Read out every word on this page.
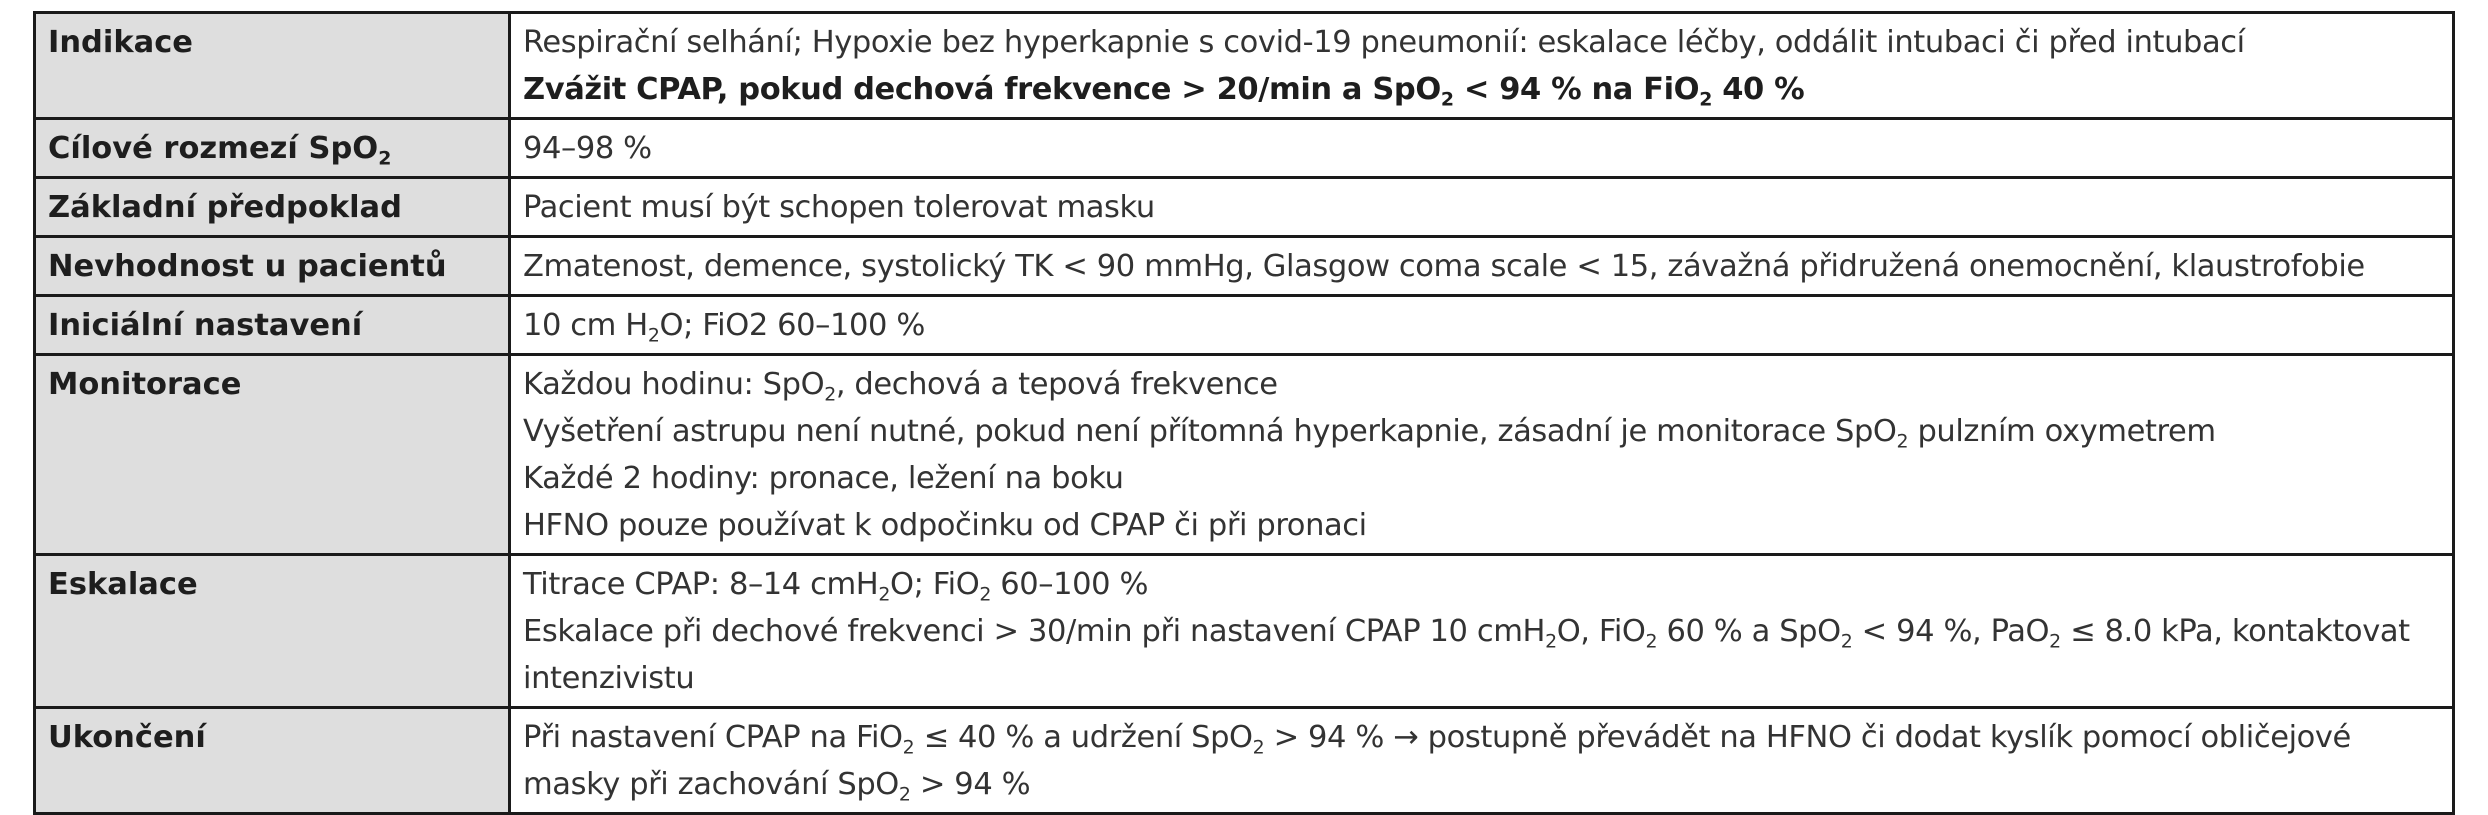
Indikace	Respirační selhání; Hypoxie bez hyperkapnie s covid-19 pneumonií: eskalace léčby, oddálit intubaci či před intubací
Zvážit CPAP, pokud dechová frekvence > 20/min a SpO$_2$ < 94 % na FiO$_2$ 40 %

Cílové rozmezí SpO$_2$	94–98 %

Základní předpoklad	Pacient musí být schopen tolerovat masku

Nevhodnost u pacientů	Zmatenost, demence, systolický TK < 90 mmHg, Glasgow coma scale < 15, závažná přidružená onemocnění, klaustrofobie

Iniciální nastavení	10 cm $H_2O$; FiO2 60–100 %

Monitorace	Každou hodinu: SpO$_2$, dechová a tepová frekvence
Vyšetření astrupu není nutné, pokud není přítomná hyperkapnie, zásadní je monitorace SpO$_2$ pulzním oxymetrem
Každé 2 hodiny: pronace, ležení na boku
HFNO pouze používat k odpočinku od CPAP či při pronaci

Eskalace	Titrace CPAP: 8–14 cmH$_2$O; FiO$_2$ 60–100 %
Eskalace při dechové frekvenci > 30/min při nastavení CPAP 10 cmH$_2$O, FiO$_2$ 60 % a SpO$_2$ < 94 %, PaO$_2$ ≤ 8.0 kPa, kontaktovat intenzivistu

Ukončení	Při nastavení CPAP na FiO$_2$ ≤ 40 % a udržení SpO$_2$ > 94 % → postupně převádět na HFNO či dodat kyslík pomocí obličejové masky při zachování SpO$_2$ > 94 %
